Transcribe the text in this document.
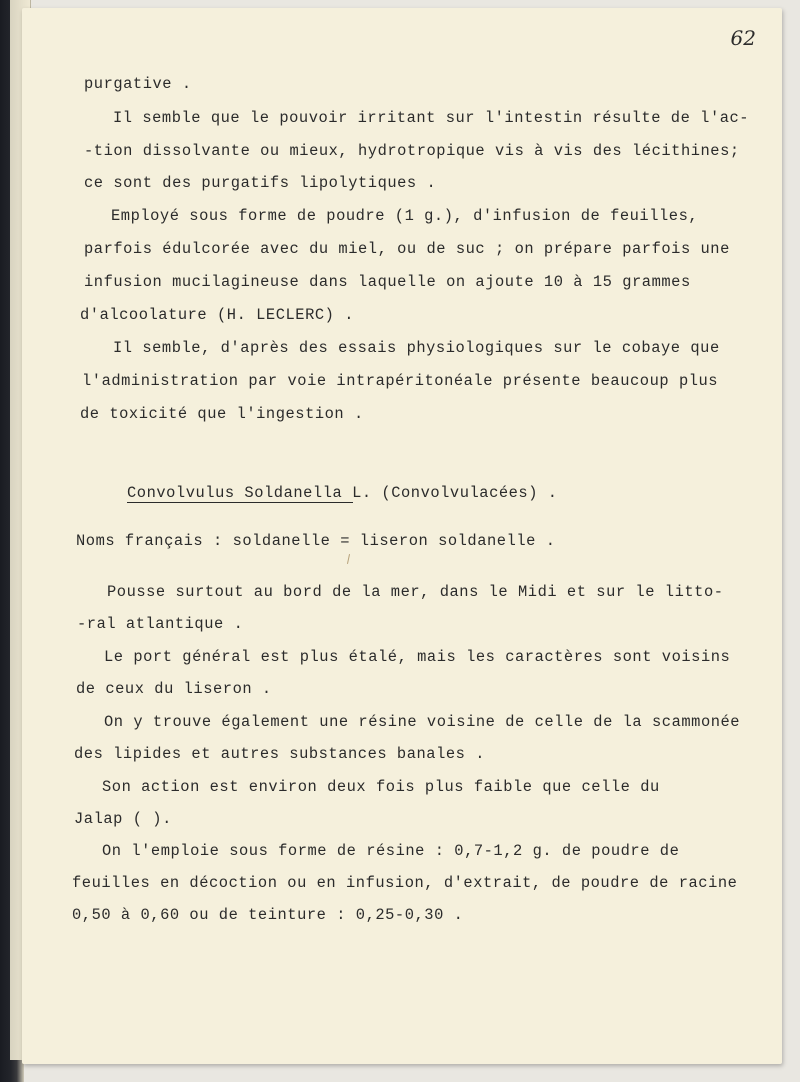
62
purgative .
Il semble que le pouvoir irritant sur l'intestin résulte de l'ac-
-tion dissolvante ou mieux, hydrotropique vis à vis des lécithines;
ce sont des purgatifs lipolytiques .
Employé sous forme de poudre (1 g.), d'infusion de feuilles,
parfois édulcorée avec du miel, ou de suc ; on prépare parfois une
infusion mucilagineuse dans laquelle on ajoute 10 à 15 grammes
d'alcoolature (H. LECLERC) .
Il semble, d'après des essais physiologiques sur le cobaye que
l'administration par voie intrapéritonéale présente beaucoup plus
de toxicité que l'ingestion .
Convolvulus Soldanella L. (Convolvulacées) .
Noms français : soldanelle = liseron soldanelle .
Pousse surtout au bord de la mer, dans le Midi et sur le litto-
-ral atlantique .
Le port général est plus étalé, mais les caractères sont voisins
de ceux du liseron .
On y trouve également une résine voisine de celle de la scammonée
des lipides et autres substances banales .
Son action est environ deux fois plus faible que celle du
Jalap ( ).
On l'emploie sous forme de résine : 0,7-1,2 g. de poudre de
feuilles en décoction ou en infusion, d'extrait, de poudre de racine
0,50 à 0,60 ou de teinture : 0,25-0,30 .
